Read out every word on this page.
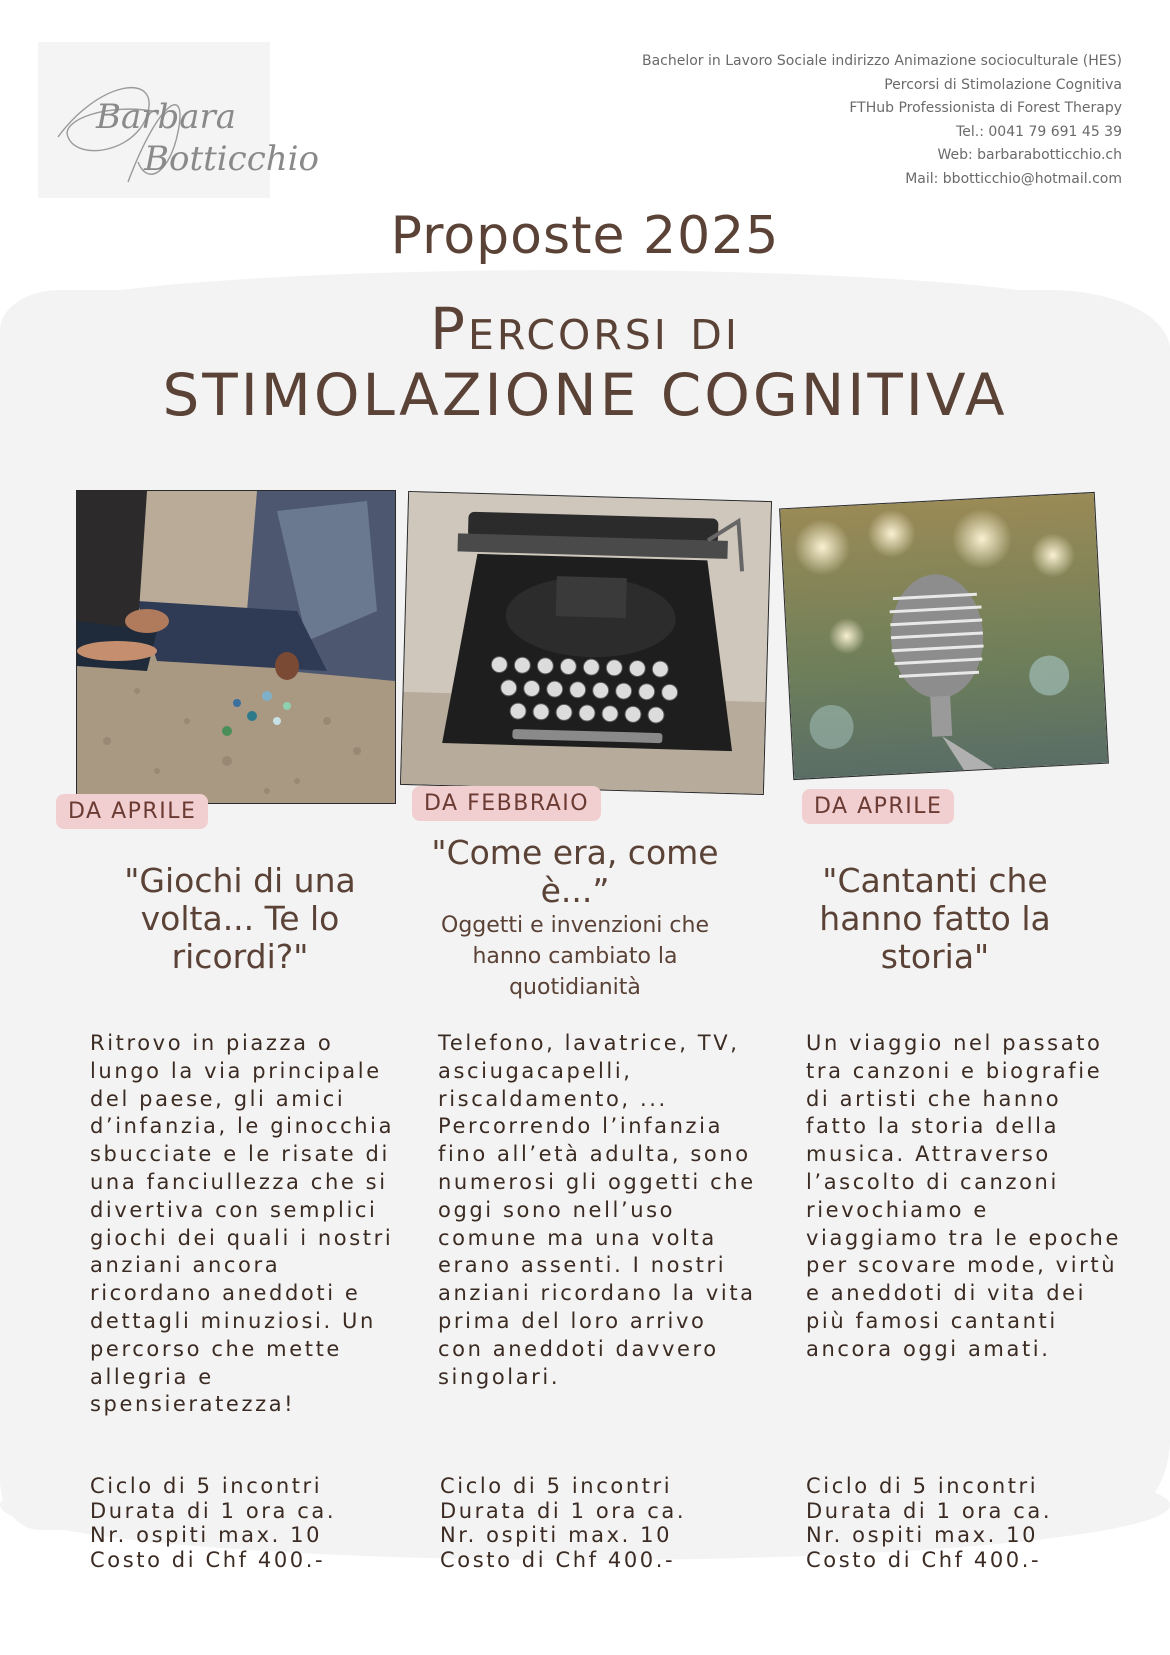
Barbara
Botticchio
Bachelor in Lavoro Sociale indirizzo Animazione socioculturale (HES)
Percorsi di Stimolazione Cognitiva
FTHub Professionista di Forest Therapy
Tel.: 0041 79 691 45 39
Web: barbarabotticchio.ch
Mail: bbotticchio@hotmail.com
Proposte 2025
Percorsi di
STIMOLAZIONE COGNITIVA
DA APRILE	DA FEBBRAIO	DA APRILE
"Giochi di una volta... Te lo ricordi?"
"Come era, come è...”
Oggetti e invenzioni che hanno cambiato la quotidianità
"Cantanti che hanno fatto la storia"
Ritrovo in piazza o lungo la via principale del paese, gli amici d’infanzia, le ginocchia sbucciate e le risate di una fanciullezza che si divertiva con semplici giochi dei quali i nostri anziani ancora ricordano aneddoti e dettagli minuziosi. Un percorso che mette allegria e spensieratezza!
Telefono, lavatrice, TV, asciugacapelli, riscaldamento, ... Percorrendo l’infanzia fino all’età adulta, sono numerosi gli oggetti che oggi sono nell’uso comune ma una volta erano assenti. I nostri anziani ricordano la vita prima del loro arrivo con aneddoti davvero singolari.
Un viaggio nel passato tra canzoni e biografie di artisti che hanno fatto la storia della musica. Attraverso l’ascolto di canzoni rievochiamo e viaggiamo tra le epoche per scovare mode, virtù e aneddoti di vita dei più famosi cantanti ancora oggi amati.
Ciclo di 5 incontri
Durata di 1 ora ca.
Nr. ospiti max. 10
Costo di Chf 400.-
Ciclo di 5 incontri
Durata di 1 ora ca.
Nr. ospiti max. 10
Costo di Chf 400.-
Ciclo di 5 incontri
Durata di 1 ora ca.
Nr. ospiti max. 10
Costo di Chf 400.-
